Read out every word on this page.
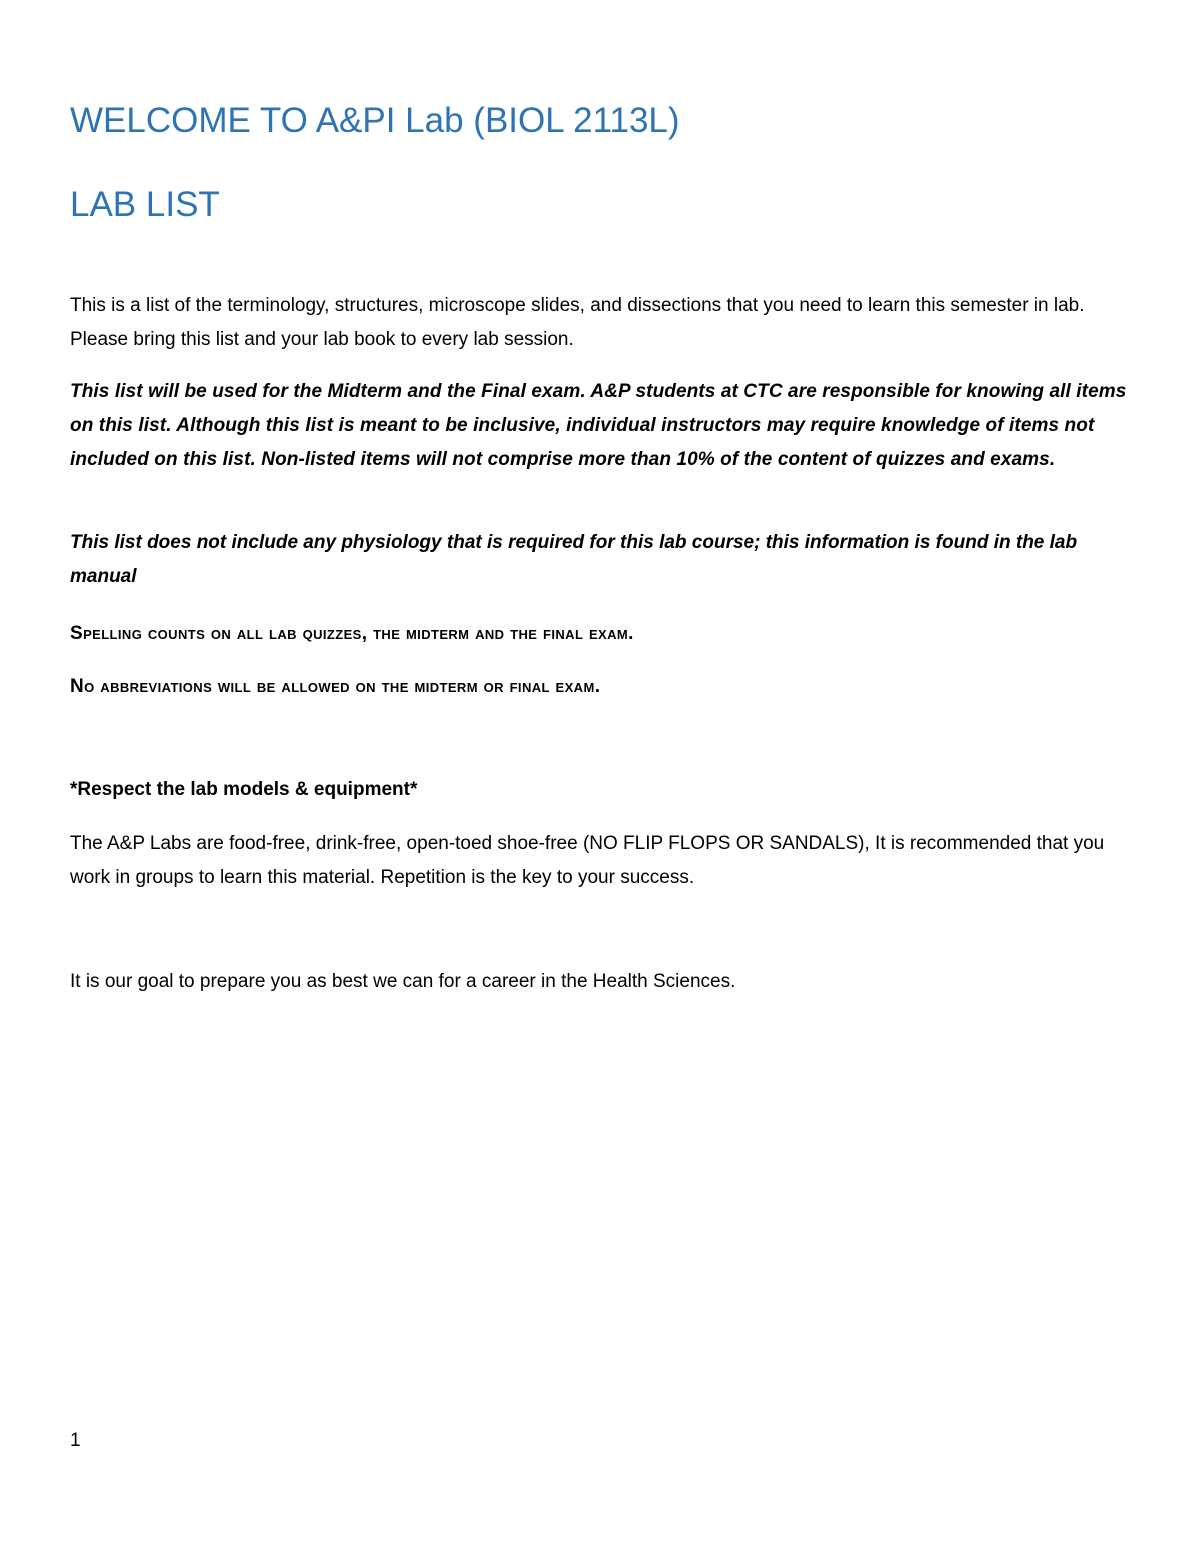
WELCOME TO A&PI Lab (BIOL 2113L)
LAB LIST

This is a list of the terminology, structures, microscope slides, and dissections that you need to learn this semester in lab. Please bring this list and your lab book to every lab session.

This list will be used for the Midterm and the Final exam. A&P students at CTC are responsible for knowing all items on this list. Although this list is meant to be inclusive, individual instructors may require knowledge of items not included on this list. Non-listed items will not comprise more than 10% of the content of quizzes and exams.

This list does not include any physiology that is required for this lab course; this information is found in the lab manual

Spelling counts on all lab quizzes, the midterm and the final exam.

No abbreviations will be allowed on the midterm or final exam.

*Respect the lab models & equipment*

The A&P Labs are food-free, drink-free, open-toed shoe-free (NO FLIP FLOPS OR SANDALS), It is recommended that you work in groups to learn this material. Repetition is the key to your success.

It is our goal to prepare you as best we can for a career in the Health Sciences.

1
